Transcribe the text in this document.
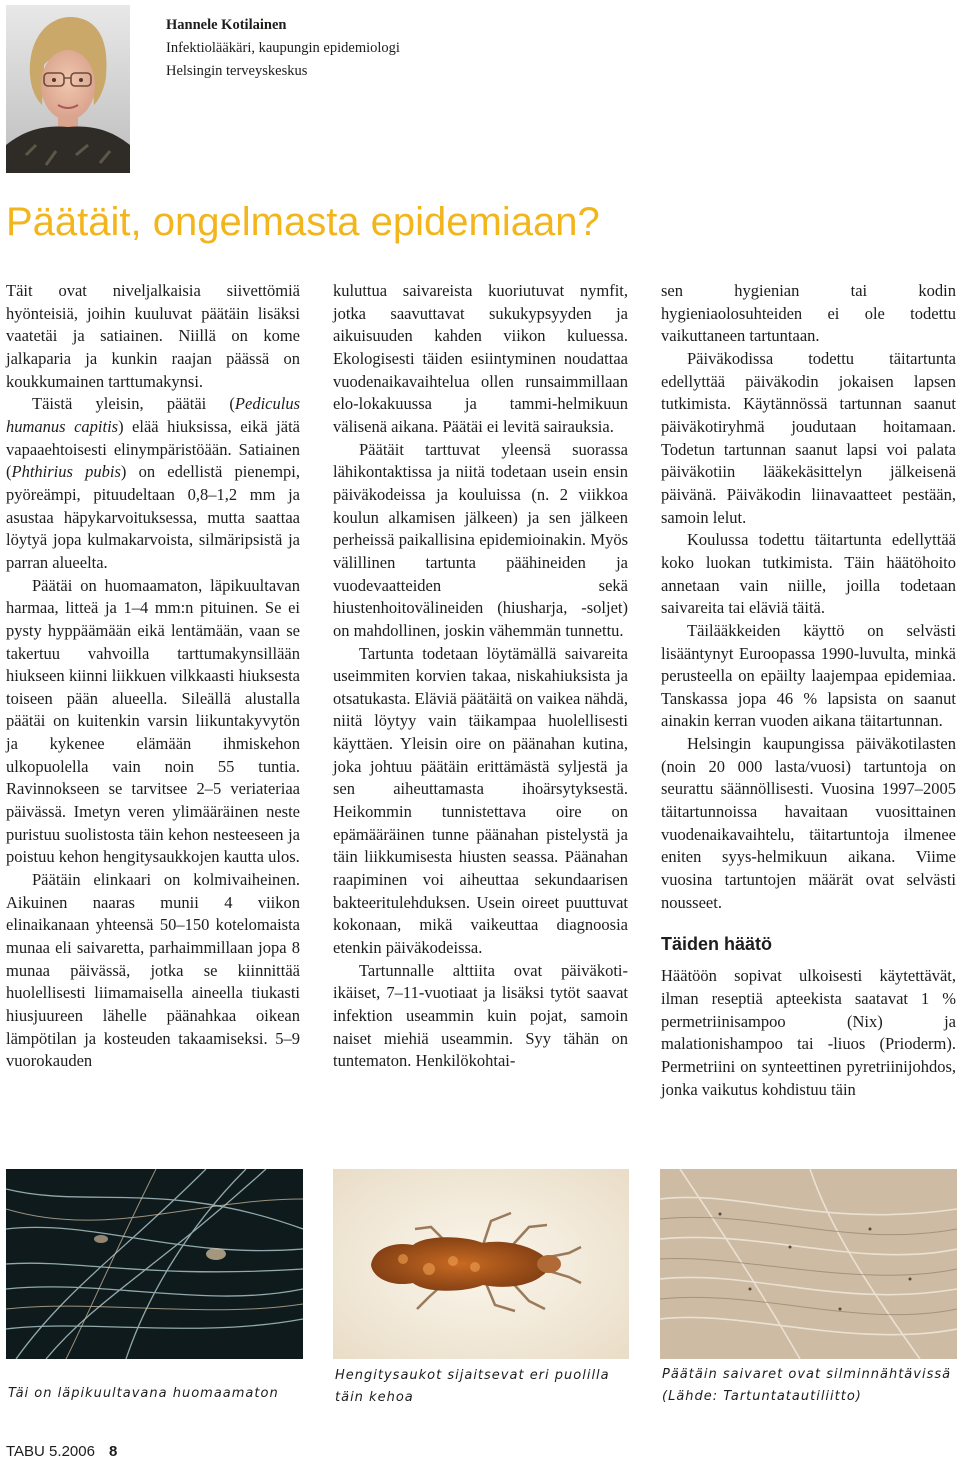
Hannele Kotilainen
Infektiolääkäri, kaupungin epidemiologi
Helsingin terveyskeskus
Päätäit, ongelmasta epidemiaan?

Täit ovat niveljalkaisia siivettömiä hyönteisiä, joihin kuuluvat päätäin lisäksi vaatetäi ja satiainen. Niillä on kome jalkaparia ja kunkin raajan päässä on koukkumainen tarttumakynsi.

Täistä yleisin, päätäi (Pediculus humanus capitis) elää hiuksissa, eikä jätä vapaaehtoisesti elinympäristöään. Satiainen (Phthirius pubis) on edellistä pienempi, pyöreämpi, pituudeltaan 0,8–1,2 mm ja asustaa häpykarvoituksessa, mutta saattaa löytyä jopa kulmakarvoista, silmäripsistä ja parran alueelta.

Päätäi on huomaamaton, läpikuultavan harmaa, litteä ja 1–4 mm:n pituinen. Se ei pysty hyppäämään eikä lentämään, vaan se takertuu vahvoilla tarttumakynsillään hiukseen kiinni liikkuen vilkkaasti hiuksesta toiseen pään alueella. Sileällä alustalla päätäi on kuitenkin varsin liikuntakyvytön ja kykenee elämään ihmiskehon ulkopuolella vain noin 55 tuntia. Ravinnokseen se tarvitsee 2–5 veriateriaa päivässä. Imetyn veren ylimääräinen neste puristuu suolistosta täin kehon nesteeseen ja poistuu kehon hengitysaukkojen kautta ulos.

Päätäin elinkaari on kolmivaiheinen. Aikuinen naaras munii 4 viikon elinaikanaan yhteensä 50–150 kotelomaista munaa eli saivaretta, parhaimmillaan jopa 8 munaa päivässä, jotka se kiinnittää huolellisesti liimamaisella aineella tiukasti hiusjuureen lähelle päänahkaa oikean lämpötilan ja kosteuden takaamiseksi. 5–9 vuorokauden

kuluttua saivareista kuoriutuvat nymfit, jotka saavuttavat sukukypsyyden ja aikuisuuden kahden viikon kuluessa. Ekologisesti täiden esiintyminen noudattaa vuodenaikavaihtelua ollen runsaimmillaan elo-lokakuussa ja tammi-helmikuun välisenä aikana. Päätäi ei levitä sairauksia.

Päätäit tarttuvat yleensä suorassa lähikontaktissa ja niitä todetaan usein ensin päiväkodeissa ja kouluissa (n. 2 viikkoa koulun alkamisen jälkeen) ja sen jälkeen perheissä paikallisina epidemioinakin. Myös välillinen tartunta päähineiden ja vuodevaatteiden sekä hiustenhoitovälineiden (hiusharja, -soljet) on mahdollinen, joskin vähemmän tunnettu.

Tartunta todetaan löytämällä saivareita useimmiten korvien takaa, niskahiuksista ja otsatukasta. Eläviä päätäitä on vaikea nähdä, niitä löytyy vain täikampaa huolellisesti käyttäen. Yleisin oire on päänahan kutina, joka johtuu päätäin erittämästä syljestä ja sen aiheuttamasta ihoärsytyksestä. Heikommin tunnistettava oire on epämääräinen tunne päänahan pistelystä ja täin liikkumisesta hiusten seassa. Päänahan raapiminen voi aiheuttaa sekundaarisen bakteeritulehduksen. Usein oireet puuttuvat kokonaan, mikä vaikeuttaa diagnoosia etenkin päiväkodeissa.

Tartunnalle alttiita ovat päiväkoti-ikäiset, 7–11-vuotiaat ja lisäksi tytöt saavat infektion useammin kuin pojat, samoin naiset miehiä useammin. Syy tähän on tuntematon. Henkilökohtai-

sen hygienian tai kodin hygieniaolosuhteiden ei ole todettu vaikuttaneen tartuntaan.

Päiväkodissa todettu täitartunta edellyttää päiväkodin jokaisen lapsen tutkimista. Käytännössä tartunnan saanut päiväkotiryhmä joudutaan hoitamaan. Todetun tartunnan saanut lapsi voi palata päiväkotiin lääkekäsittelyn jälkeisenä päivänä. Päiväkodin liinavaatteet pestään, samoin lelut.

Koulussa todettu täitartunta edellyttää koko luokan tutkimista. Täin häätöhoito annetaan vain niille, joilla todetaan saivareita tai eläviä täitä.

Täilääkkeiden käyttö on selvästi lisääntynyt Euroopassa 1990-luvulta, minkä perusteella on epäilty laajempaa epidemiaa. Tanskassa jopa 46 % lapsista on saanut ainakin kerran vuoden aikana täitartunnan.

Helsingin kaupungissa päiväkotilasten (noin 20 000 lasta/vuosi) tartuntoja on seurattu säännöllisesti. Vuosina 1997–2005 täitartunnoissa havaitaan vuosittainen vuodenaikavaihtelu, täitartuntoja ilmenee eniten syys-helmikuun aikana. Viime vuosina tartuntojen määrät ovat selvästi nousseet.

Täiden häätö

Häätöön sopivat ulkoisesti käytettävät, ilman reseptiä apteekista saatavat 1 % permetriinisampoo (Nix) ja malationishampoo tai -liuos (Prioderm). Permetriini on synteettinen pyretriinijohdos, jonka vaikutus kohdistuu täin

Täi on läpikuultavana huomaamaton
Hengitysaukot sijaitsevat eri puolilla täin kehoa
Päätäin saivaret ovat silminnähtävissä (Lähde: Tartuntatautiliitto)
TABU 5.2006 8
